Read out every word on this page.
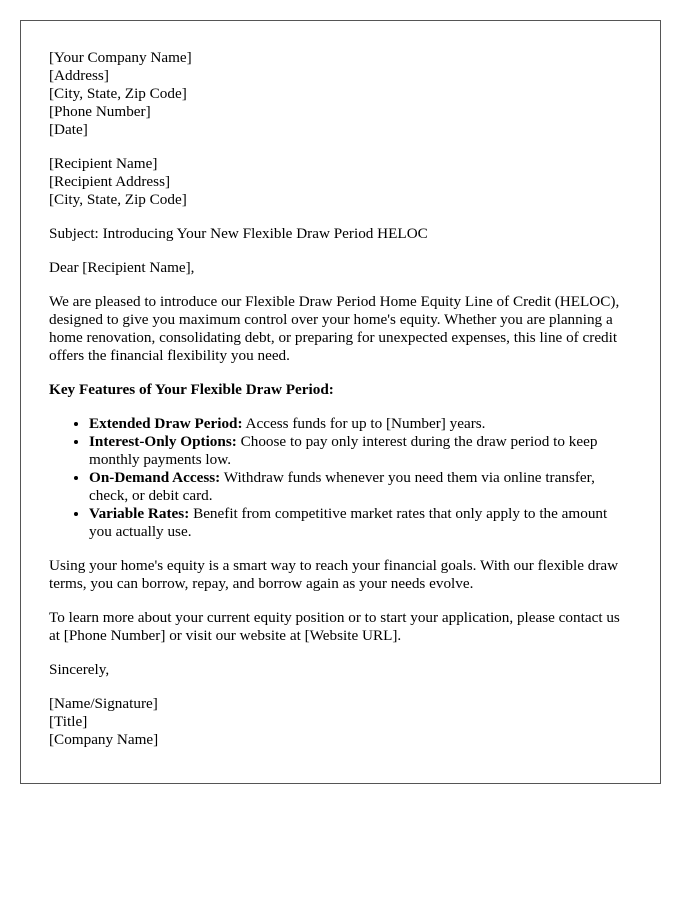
[Your Company Name]

[Address]

[City, State, Zip Code]

[Phone Number]

[Date]

[Recipient Name]

[Recipient Address]

[City, State, Zip Code]

Subject: Introducing Your New Flexible Draw Period HELOC

Dear [Recipient Name],

We are pleased to introduce our Flexible Draw Period Home Equity Line of Credit (HELOC), designed to give you maximum control over your home's equity. Whether you are planning a home renovation, consolidating debt, or preparing for unexpected expenses, this line of credit offers the financial flexibility you need.

Key Features of Your Flexible Draw Period:

• Extended Draw Period: Access funds for up to [Number] years.
• Interest-Only Options: Choose to pay only interest during the draw period to keep monthly payments low.
• On-Demand Access: Withdraw funds whenever you need them via online transfer, check, or debit card.
• Variable Rates: Benefit from competitive market rates that only apply to the amount you actually use.

Using your home's equity is a smart way to reach your financial goals. With our flexible draw terms, you can borrow, repay, and borrow again as your needs evolve.

To learn more about your current equity position or to start your application, please contact us at [Phone Number] or visit our website at [Website URL].

Sincerely,

[Name/Signature]

[Title]

[Company Name]
